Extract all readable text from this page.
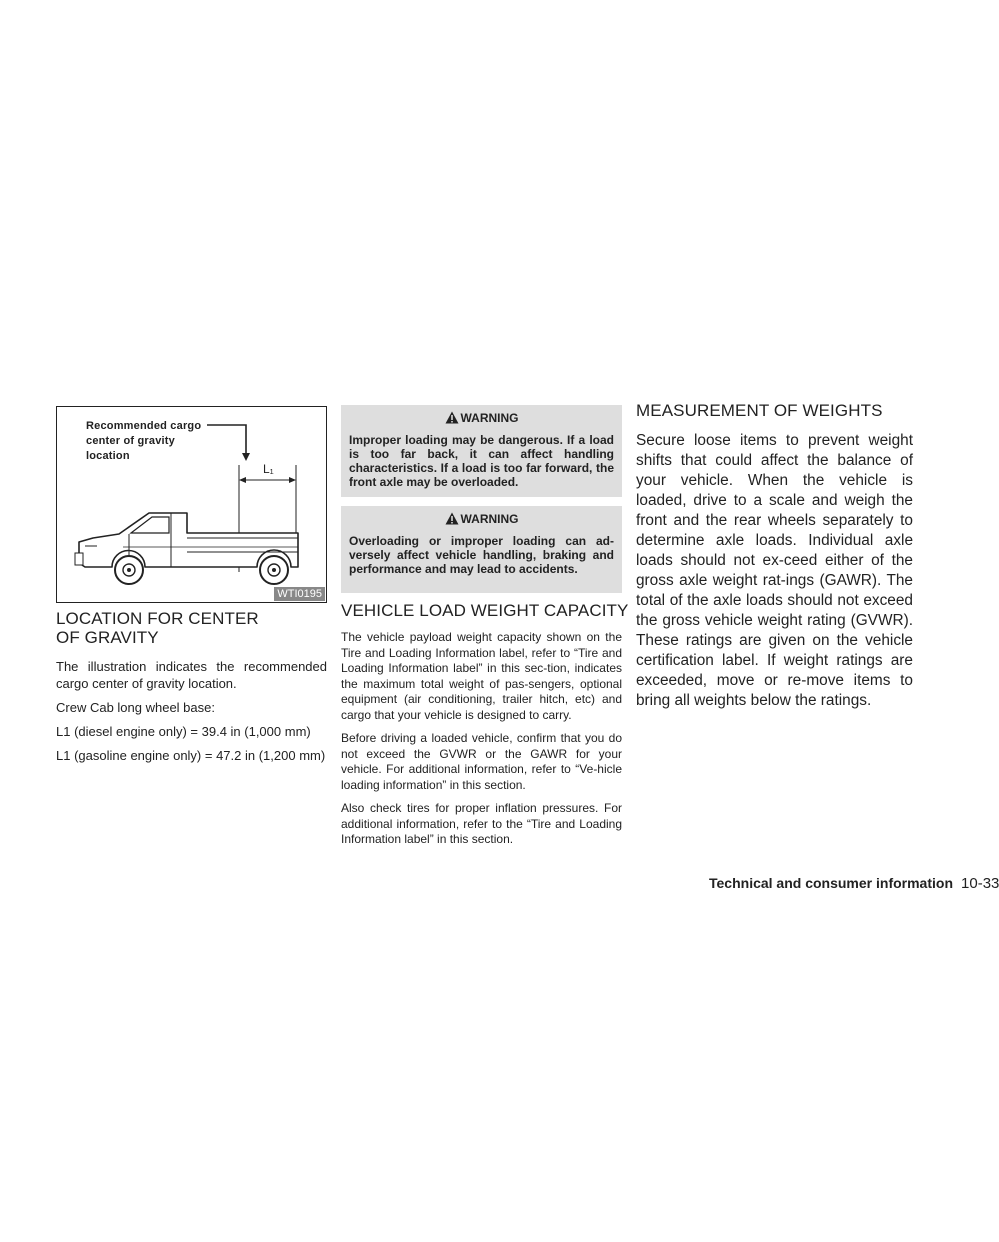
Recommended cargo
center of gravity
location
L₁
WTI0195
LOCATION FOR CENTER OF GRAVITY

The illustration indicates the recommended cargo center of gravity location.

Crew Cab long wheel base:

L1 (diesel engine only) = 39.4 in (1,000 mm)

L1 (gasoline engine only) = 47.2 in (1,200 mm)

WARNING
Improper loading may be dangerous. If a load is too far back, it can affect handling characteristics. If a load is too far forward, the front axle may be overloaded.
WARNING
Overloading or improper loading can ad-versely affect vehicle handling, braking and performance and may lead to accidents.
VEHICLE LOAD WEIGHT CAPACITY

The vehicle payload weight capacity shown on the Tire and Loading Information label, refer to “Tire and Loading Information label” in this sec-tion, indicates the maximum total weight of pas-sengers, optional equipment (air conditioning, trailer hitch, etc) and cargo that your vehicle is designed to carry.

Before driving a loaded vehicle, confirm that you do not exceed the GVWR or the GAWR for your vehicle. For additional information, refer to “Ve-hicle loading information” in this section.

Also check tires for proper inflation pressures. For additional information, refer to the “Tire and Loading Information label” in this section.

MEASUREMENT OF WEIGHTS

Secure loose items to prevent weight shifts that could affect the balance of your vehicle. When the vehicle is loaded, drive to a scale and weigh the front and the rear wheels separately to determine axle loads. Individual axle loads should not ex-ceed either of the gross axle weight rat-ings (GAWR). The total of the axle loads should not exceed the gross vehicle weight rating (GVWR). These ratings are given on the vehicle certification label. If weight ratings are exceeded, move or re-move items to bring all weights below the ratings.

Technical and consumer information 10-33
